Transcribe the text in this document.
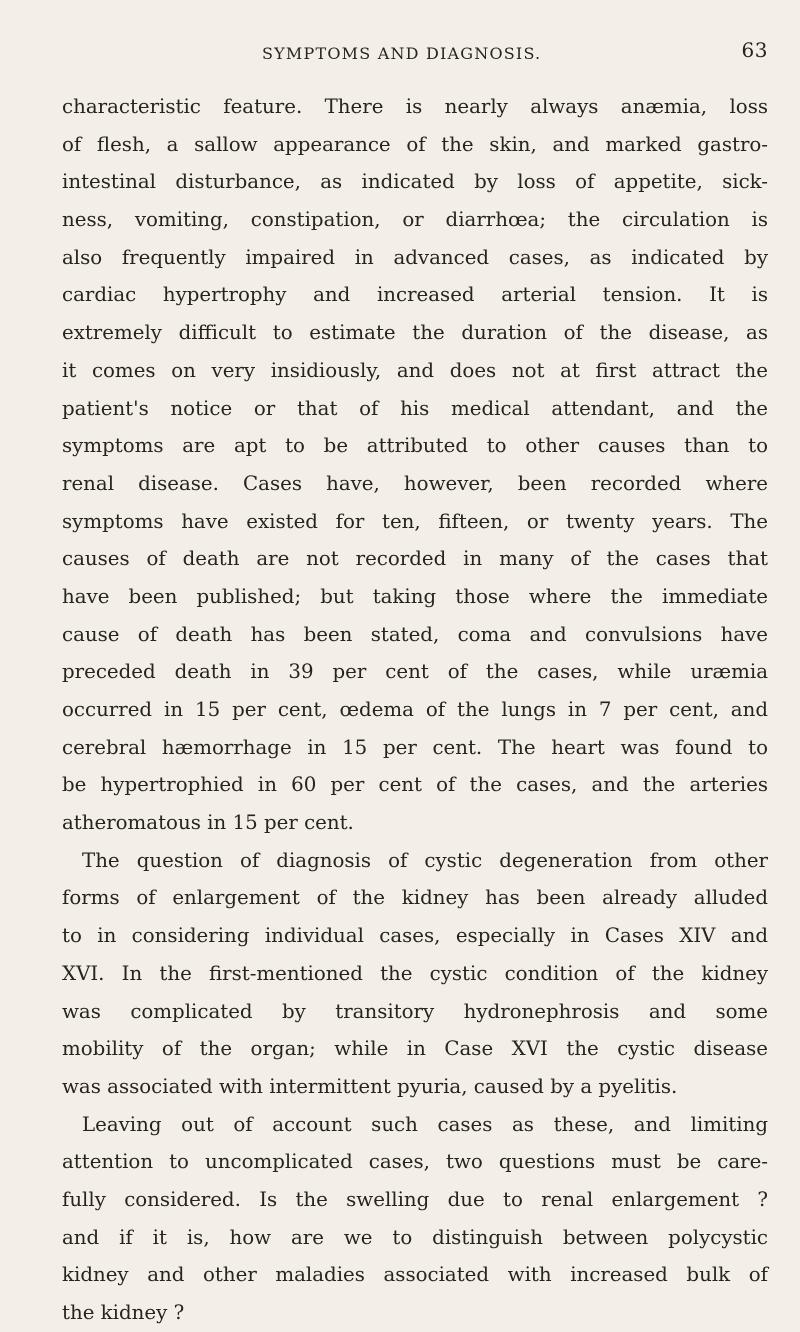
SYMPTOMS AND DIAGNOSIS.	63
characteristic feature. There is nearly always anæmia, loss
of flesh, a sallow appearance of the skin, and marked gastro-
intestinal disturbance, as indicated by loss of appetite, sick-
ness, vomiting, constipation, or diarrhœa; the circulation is
also frequently impaired in advanced cases, as indicated by
cardiac hypertrophy and increased arterial tension. It is
extremely difficult to estimate the duration of the disease, as
it comes on very insidiously, and does not at first attract the
patient's notice or that of his medical attendant, and the
symptoms are apt to be attributed to other causes than to
renal disease. Cases have, however, been recorded where
symptoms have existed for ten, fifteen, or twenty years. The
causes of death are not recorded in many of the cases that
have been published; but taking those where the immediate
cause of death has been stated, coma and convulsions have
preceded death in 39 per cent of the cases, while uræmia
occurred in 15 per cent, œdema of the lungs in 7 per cent, and
cerebral hæmorrhage in 15 per cent. The heart was found to
be hypertrophied in 60 per cent of the cases, and the arteries
atheromatous in 15 per cent.
The question of diagnosis of cystic degeneration from other
forms of enlargement of the kidney has been already alluded
to in considering individual cases, especially in Cases XIV and
XVI. In the first-mentioned the cystic condition of the kidney
was complicated by transitory hydronephrosis and some
mobility of the organ; while in Case XVI the cystic disease
was associated with intermittent pyuria, caused by a pyelitis.
Leaving out of account such cases as these, and limiting
attention to uncomplicated cases, two questions must be care-
fully considered. Is the swelling due to renal enlargement ?
and if it is, how are we to distinguish between polycystic
kidney and other maladies associated with increased bulk of
the kidney ?
